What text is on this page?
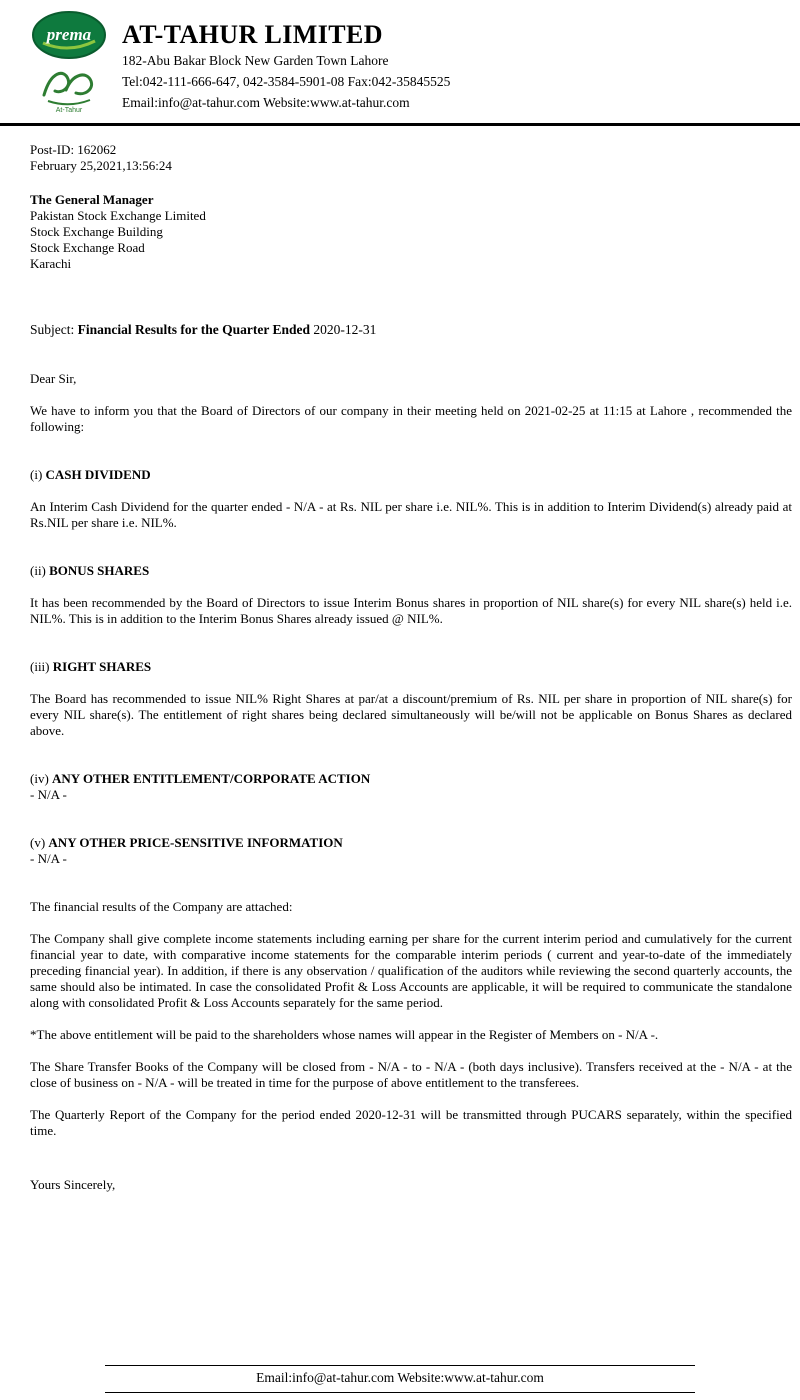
prema
At-Tahur
AT-TAHUR LIMITED
182-Abu Bakar Block New Garden Town Lahore
Tel:042-111-666-647, 042-3584-5901-08 Fax:042-35845525
Email:info@at-tahur.com Website:www.at-tahur.com
Post-ID: 162062
February 25,2021,13:56:24
The General Manager
Pakistan Stock Exchange Limited
Stock Exchange Building
Stock Exchange Road
Karachi

Subject: Financial Results for the Quarter Ended 2020-12-31

Dear Sir,

We have to inform you that the Board of Directors of our company in their meeting held on 2021-02-25 at 11:15 at Lahore , recommended the following:

(i) CASH DIVIDEND

An Interim Cash Dividend for the quarter ended - N/A - at Rs. NIL per share i.e. NIL%. This is in addition to Interim Dividend(s) already paid at Rs.NIL per share i.e. NIL%.

(ii) BONUS SHARES

It has been recommended by the Board of Directors to issue Interim Bonus shares in proportion of NIL share(s) for every NIL share(s) held i.e. NIL%. This is in addition to the Interim Bonus Shares already issued @ NIL%.

(iii) RIGHT SHARES

The Board has recommended to issue NIL% Right Shares at par/at a discount/premium of Rs. NIL per share in proportion of NIL share(s) for every NIL share(s). The entitlement of right shares being declared simultaneously will be/will not be applicable on Bonus Shares as declared above.

(iv) ANY OTHER ENTITLEMENT/CORPORATE ACTION

- N/A -

(v) ANY OTHER PRICE-SENSITIVE INFORMATION

- N/A -

The financial results of the Company are attached:

The Company shall give complete income statements including earning per share for the current interim period and cumulatively for the current financial year to date, with comparative income statements for the comparable interim periods ( current and year-to-date of the immediately preceding financial year). In addition, if there is any observation / qualification of the auditors while reviewing the second quarterly accounts, the same should also be intimated. In case the consolidated Profit & Loss Accounts are applicable, it will be required to communicate the standalone along with consolidated Profit & Loss Accounts separately for the same period.

*The above entitlement will be paid to the shareholders whose names will appear in the Register of Members on - N/A -.

The Share Transfer Books of the Company will be closed from - N/A - to - N/A - (both days inclusive). Transfers received at the - N/A - at the close of business on - N/A - will be treated in time for the purpose of above entitlement to the transferees.

The Quarterly Report of the Company for the period ended 2020-12-31 will be transmitted through PUCARS separately, within the specified time.

Yours Sincerely,

Email:info@at-tahur.com Website:www.at-tahur.com
